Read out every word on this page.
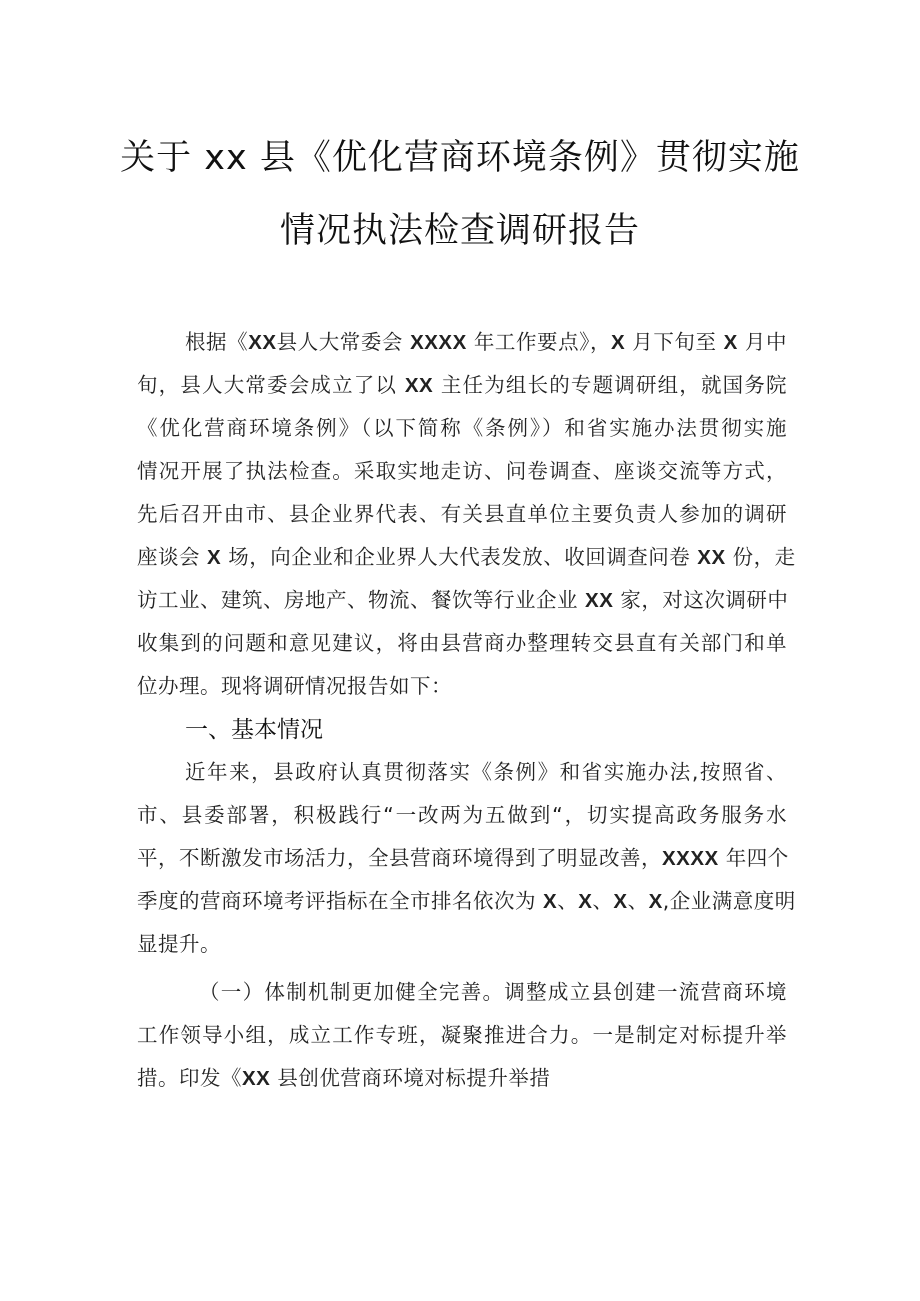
关于 xx 县《优化营商环境条例》贯彻实施
情况执法检查调研报告
根据《XX县人大常委会 XXXX 年工作要点》，X 月下旬至 X 月中
旬，县人大常委会成立了以 XX 主任为组长的专题调研组，就国务院
《优化营商环境条例》（以下简称《条例》）和省实施办法贯彻实施
情况开展了执法检查。采取实地走访、问卷调查、座谈交流等方式，
先后召开由市、县企业界代表、有关县直单位主要负责人参加的调研
座谈会 X 场，向企业和企业界人大代表发放、收回调查问卷 XX 份，走
访工业、建筑、房地产、物流、餐饮等行业企业 XX 家，对这次调研中
收集到的问题和意见建议，将由县营商办整理转交县直有关部门和单
位办理。现将调研情况报告如下：
一、基本情况
近年来，县政府认真贯彻落实《条例》和省实施办法,按照省、
市、县委部署，积极践行“一改两为五做到“，切实提高政务服务水
平，不断激发市场活力，全县营商环境得到了明显改善，XXXX 年四个
季度的营商环境考评指标在全市排名依次为 X、X、X、X,企业满意度明
显提升。
（一）体制机制更加健全完善。调整成立县创建一流营商环境
工作领导小组，成立工作专班，凝聚推进合力。一是制定对标提升举
措。印发《XX 县创优营商环境对标提升举措
